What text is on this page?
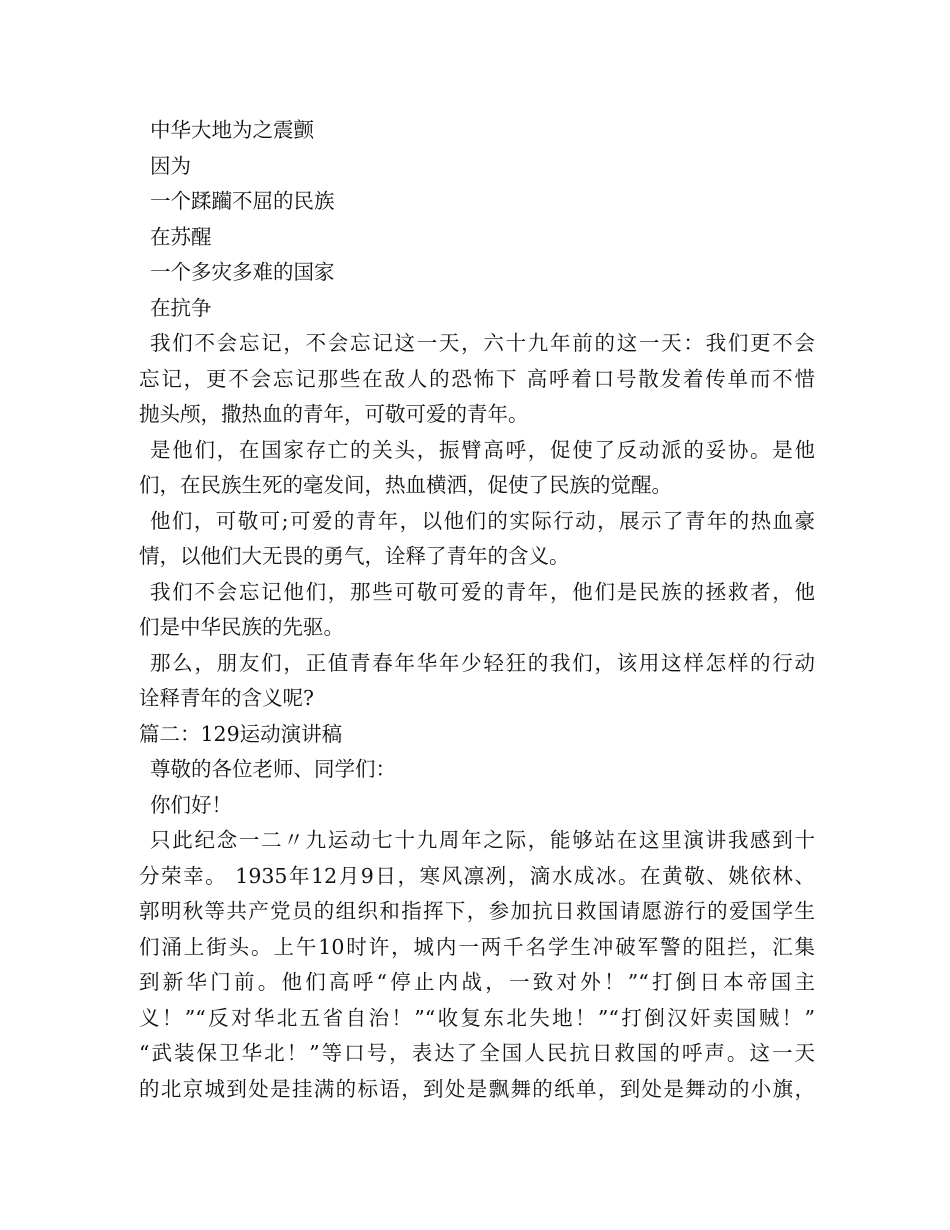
中华大地为之震颤
因为
一个蹂躏不屈的民族
在苏醒
一个多灾多难的国家
在抗争
我们不会忘记，不会忘记这一天，六十九年前的这一天：我们更不会
忘记，更不会忘记那些在敌人的恐怖下 高呼着口号散发着传单而不惜
抛头颅，撒热血的青年，可敬可爱的青年。
是他们，在国家存亡的关头，振臂高呼，促使了反动派的妥协。是他
们，在民族生死的毫发间，热血横洒，促使了民族的觉醒。
他们，可敬可;可爱的青年，以他们的实际行动，展示了青年的热血豪
情，以他们大无畏的勇气，诠释了青年的含义。
我们不会忘记他们，那些可敬可爱的青年，他们是民族的拯救者，他
们是中华民族的先驱。
那么，朋友们，正值青春年华年少轻狂的我们，该用这样怎样的行动
诠释青年的含义呢?
篇二：129运动演讲稿
尊敬的各位老师、同学们：
你们好！
只此纪念一二〃九运动七十九周年之际，能够站在这里演讲我感到十
分荣幸。 1935年12月9日，寒风凛冽，滴水成冰。在黄敬、姚依林、
郭明秋等共产党员的组织和指挥下，参加抗日救国请愿游行的爱国学生
们涌上街头。上午10时许，城内一两千名学生冲破军警的阻拦，汇集
到新华门前。他们高呼“停止内战，一致对外！”“打倒日本帝国主
义！”“反对华北五省自治！”“收复东北失地！”“打倒汉奸卖国贼！”
“武装保卫华北！”等口号，表达了全国人民抗日救国的呼声。这一天
的北京城到处是挂满的标语，到处是飘舞的纸单，到处是舞动的小旗，
